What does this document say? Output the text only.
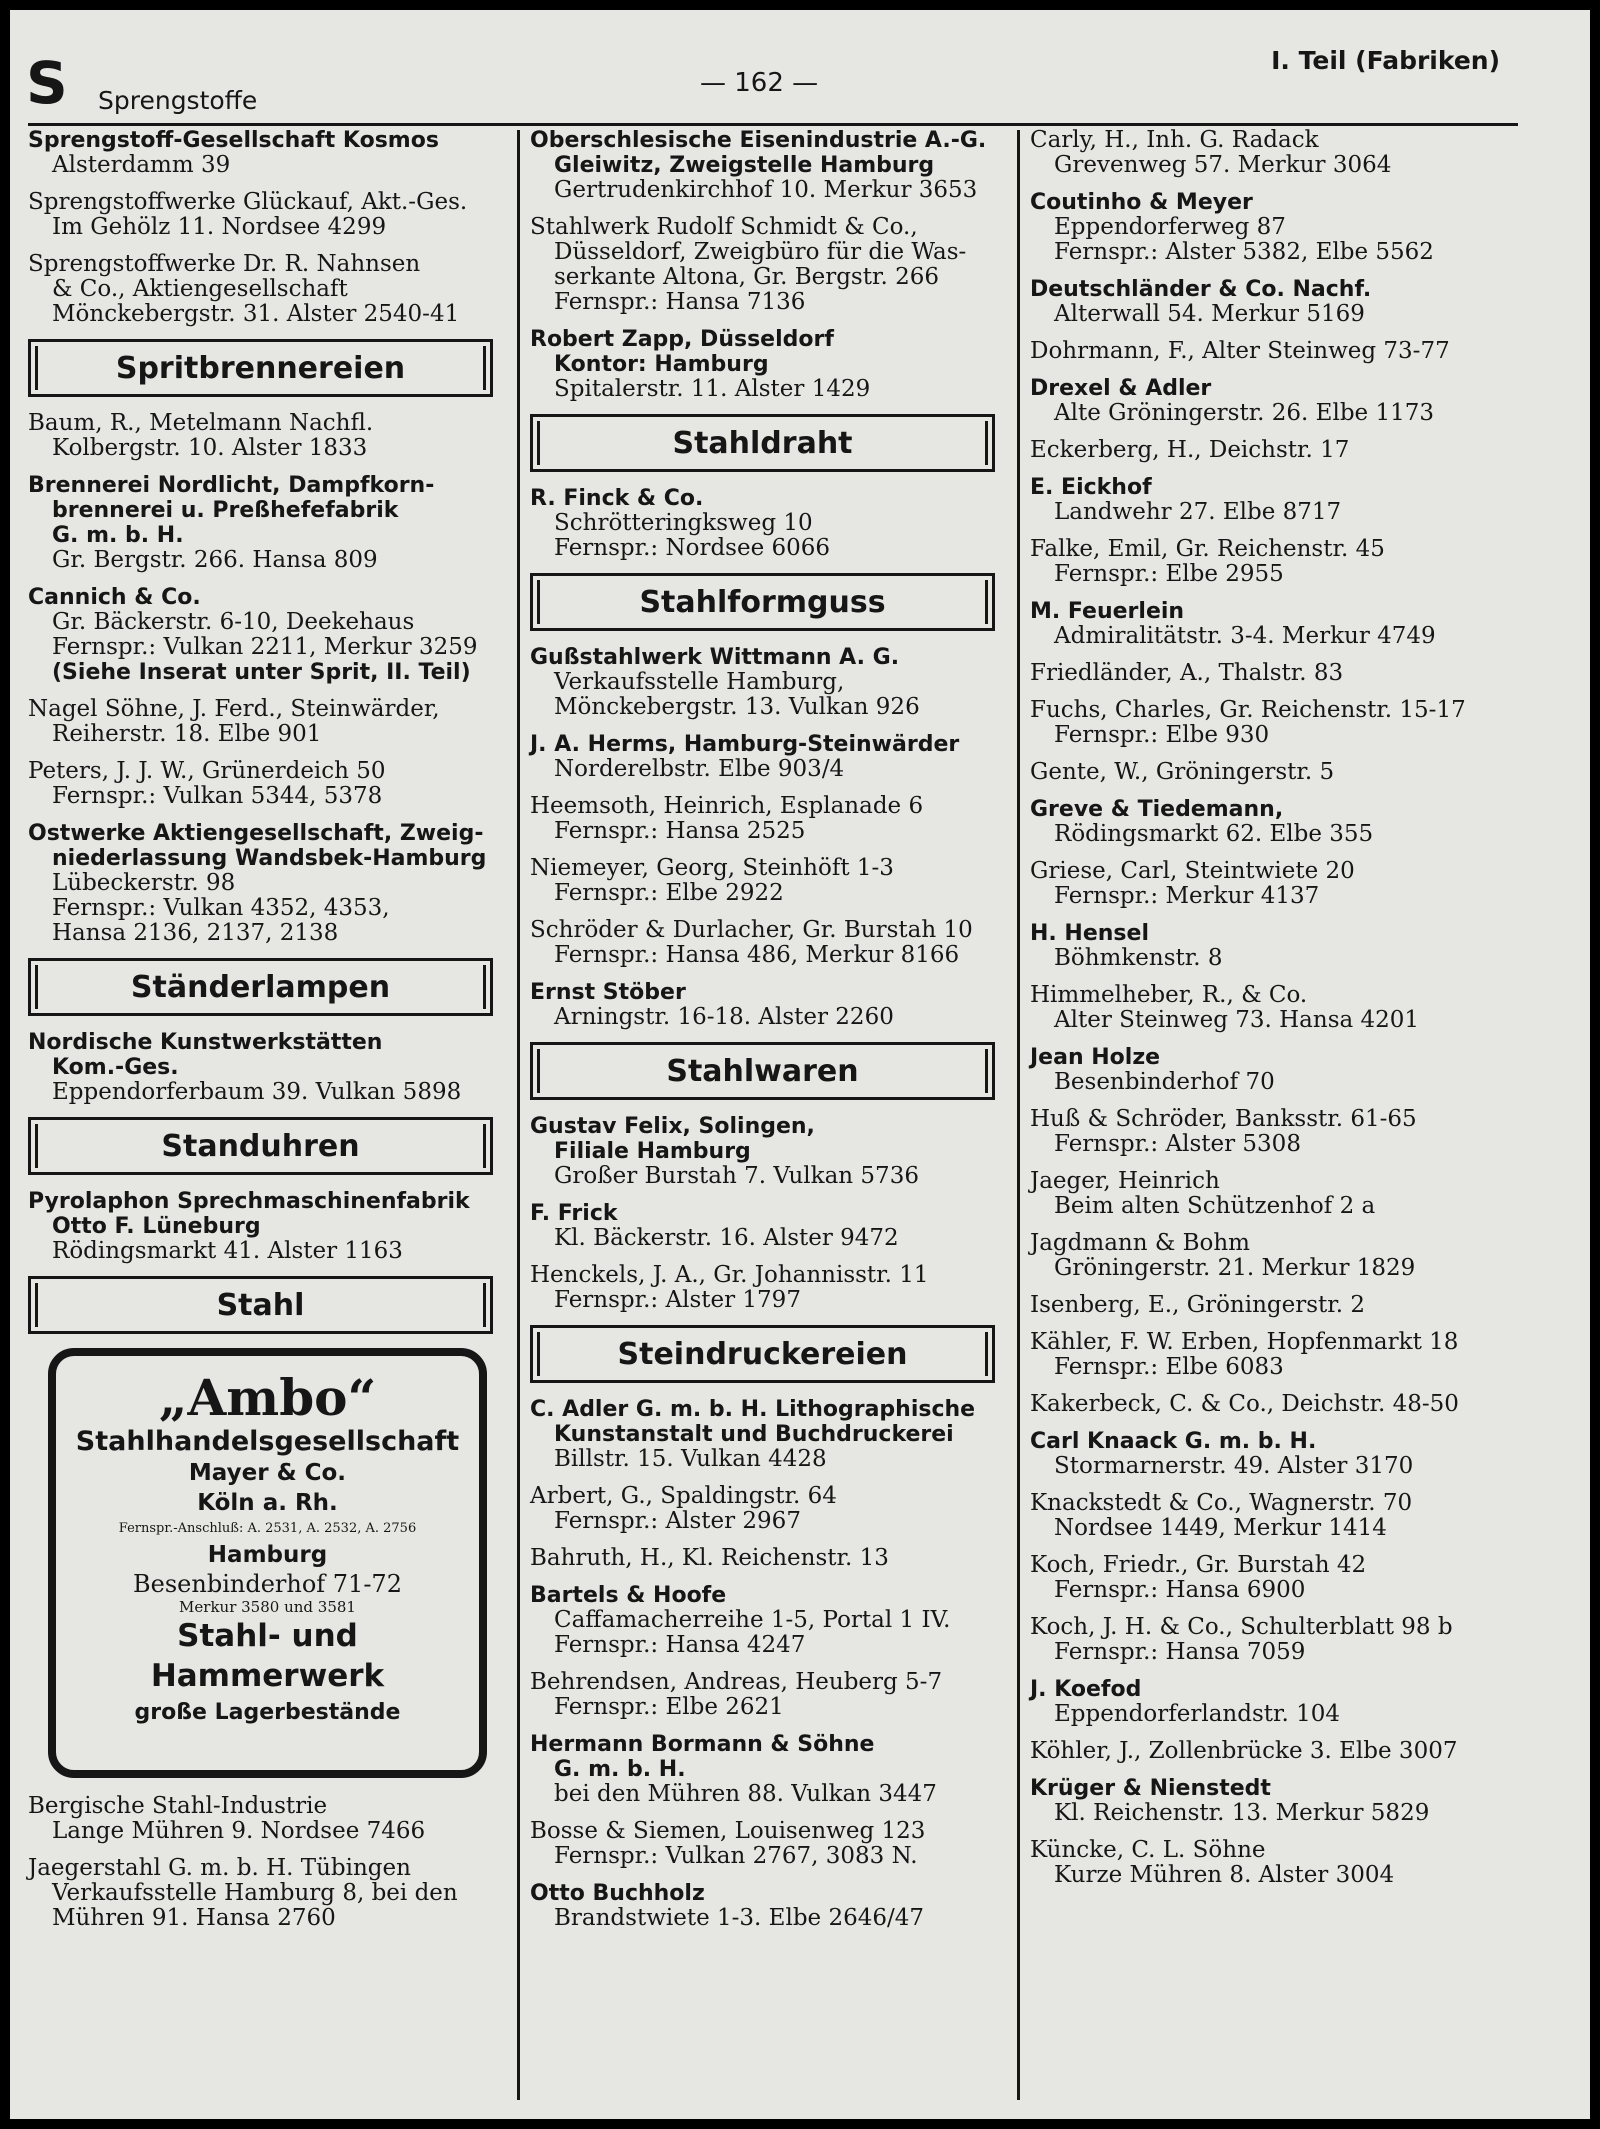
S Sprengstoffe
— 162 —
I. Teil (Fabriken)
Sprengstoff-Gesellschaft Kosmos
Alsterdamm 39
Sprengstoffwerke Glückauf, Akt.-Ges.
Im Gehölz 11. Nordsee 4299
Sprengstoffwerke Dr. R. Nahnsen
& Co., Aktiengesellschaft
Mönckebergstr. 31. Alster 2540-41
Spritbrennereien
Baum, R., Metelmann Nachfl.
Kolbergstr. 10. Alster 1833
Brennerei Nordlicht, Dampfkorn-
brennerei u. Preßhefefabrik
G. m. b. H.
Gr. Bergstr. 266. Hansa 809
Cannich & Co.
Gr. Bäckerstr. 6-10, Deekehaus
Fernspr.: Vulkan 2211, Merkur 3259
(Siehe Inserat unter Sprit, II. Teil)
Nagel Söhne, J. Ferd., Steinwärder,
Reiherstr. 18. Elbe 901
Peters, J. J. W., Grünerdeich 50
Fernspr.: Vulkan 5344, 5378
Ostwerke Aktiengesellschaft, Zweig-
niederlassung Wandsbek-Hamburg
Lübeckerstr. 98
Fernspr.: Vulkan 4352, 4353,
Hansa 2136, 2137, 2138
Ständerlampen
Nordische Kunstwerkstätten
Kom.-Ges.
Eppendorferbaum 39. Vulkan 5898
Standuhren
Pyrolaphon Sprechmaschinenfabrik
Otto F. Lüneburg
Rödingsmarkt 41. Alster 1163
Stahl
„Ambo“
Stahlhandelsgesellschaft
Mayer & Co.
Köln a. Rh.
Fernspr.-Anschluß: A. 2531, A. 2532, A. 2756
Hamburg
Besenbinderhof 71-72
Merkur 3580 und 3581
Stahl- und
Hammerwerk
große Lagerbestände
Bergische Stahl-Industrie
Lange Mühren 9. Nordsee 7466
Jaegerstahl G. m. b. H. Tübingen
Verkaufsstelle Hamburg 8, bei den
Mühren 91. Hansa 2760
Oberschlesische Eisenindustrie A.-G.
Gleiwitz, Zweigstelle Hamburg
Gertrudenkirchhof 10. Merkur 3653
Stahlwerk Rudolf Schmidt & Co.,
Düsseldorf, Zweigbüro für die Was-
serkante Altona, Gr. Bergstr. 266
Fernspr.: Hansa 7136
Robert Zapp, Düsseldorf
Kontor: Hamburg
Spitalerstr. 11. Alster 1429
Stahldraht
R. Finck & Co.
Schrötteringksweg 10
Fernspr.: Nordsee 6066
Stahlformguss
Gußstahlwerk Wittmann A. G.
Verkaufsstelle Hamburg,
Mönckebergstr. 13. Vulkan 926
J. A. Herms, Hamburg-Steinwärder
Norderelbstr. Elbe 903/4
Heemsoth, Heinrich, Esplanade 6
Fernspr.: Hansa 2525
Niemeyer, Georg, Steinhöft 1-3
Fernspr.: Elbe 2922
Schröder & Durlacher, Gr. Burstah 10
Fernspr.: Hansa 486, Merkur 8166
Ernst Stöber
Arningstr. 16-18. Alster 2260
Stahlwaren
Gustav Felix, Solingen,
Filiale Hamburg
Großer Burstah 7. Vulkan 5736
F. Frick
Kl. Bäckerstr. 16. Alster 9472
Henckels, J. A., Gr. Johannisstr. 11
Fernspr.: Alster 1797
Steindruckereien
C. Adler G. m. b. H. Lithographische
Kunstanstalt und Buchdruckerei
Billstr. 15. Vulkan 4428
Arbert, G., Spaldingstr. 64
Fernspr.: Alster 2967
Bahruth, H., Kl. Reichenstr. 13
Bartels & Hoofe
Caffamacherreihe 1-5, Portal 1 IV.
Fernspr.: Hansa 4247
Behrendsen, Andreas, Heuberg 5-7
Fernspr.: Elbe 2621
Hermann Bormann & Söhne
G. m. b. H.
bei den Mühren 88. Vulkan 3447
Bosse & Siemen, Louisenweg 123
Fernspr.: Vulkan 2767, 3083 N.
Otto Buchholz
Brandstwiete 1-3. Elbe 2646/47
Carly, H., Inh. G. Radack
Grevenweg 57. Merkur 3064
Coutinho & Meyer
Eppendorferweg 87
Fernspr.: Alster 5382, Elbe 5562
Deutschländer & Co. Nachf.
Alterwall 54. Merkur 5169
Dohrmann, F., Alter Steinweg 73-77
Drexel & Adler
Alte Gröningerstr. 26. Elbe 1173
Eckerberg, H., Deichstr. 17
E. Eickhof
Landwehr 27. Elbe 8717
Falke, Emil, Gr. Reichenstr. 45
Fernspr.: Elbe 2955
M. Feuerlein
Admiralitätstr. 3-4. Merkur 4749
Friedländer, A., Thalstr. 83
Fuchs, Charles, Gr. Reichenstr. 15-17
Fernspr.: Elbe 930
Gente, W., Gröningerstr. 5
Greve & Tiedemann,
Rödingsmarkt 62. Elbe 355
Griese, Carl, Steintwiete 20
Fernspr.: Merkur 4137
H. Hensel
Böhmkenstr. 8
Himmelheber, R., & Co.
Alter Steinweg 73. Hansa 4201
Jean Holze
Besenbinderhof 70
Huß & Schröder, Banksstr. 61-65
Fernspr.: Alster 5308
Jaeger, Heinrich
Beim alten Schützenhof 2 a
Jagdmann & Bohm
Gröningerstr. 21. Merkur 1829
Isenberg, E., Gröningerstr. 2
Kähler, F. W. Erben, Hopfenmarkt 18
Fernspr.: Elbe 6083
Kakerbeck, C. & Co., Deichstr. 48-50
Carl Knaack G. m. b. H.
Stormarnerstr. 49. Alster 3170
Knackstedt & Co., Wagnerstr. 70
Nordsee 1449, Merkur 1414
Koch, Friedr., Gr. Burstah 42
Fernspr.: Hansa 6900
Koch, J. H. & Co., Schulterblatt 98 b
Fernspr.: Hansa 7059
J. Koefod
Eppendorferlandstr. 104
Köhler, J., Zollenbrücke 3. Elbe 3007
Krüger & Nienstedt
Kl. Reichenstr. 13. Merkur 5829
Küncke, C. L. Söhne
Kurze Mühren 8. Alster 3004
